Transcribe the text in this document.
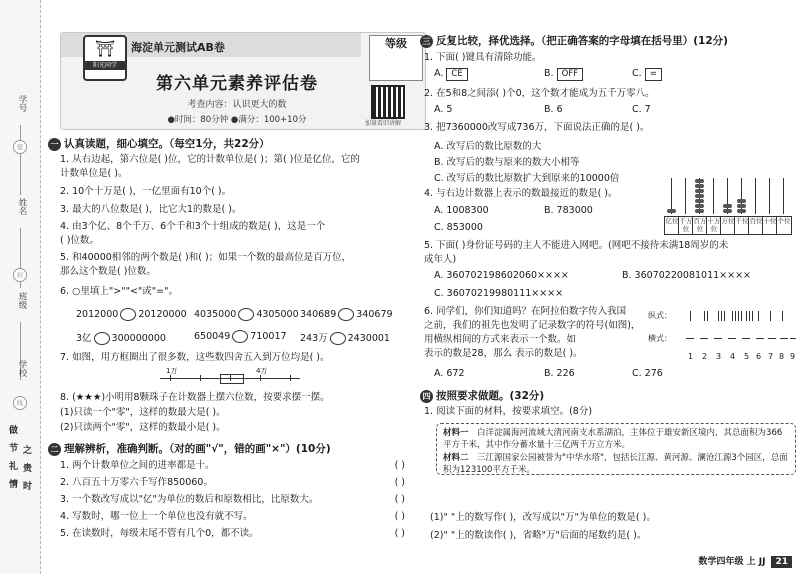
学号
姓名
密
封
班级
学校
线
做
节
礼
情
之
贵
时
⛩
阳光同学
海淀单元测试AB卷	等级
第六单元素养评估卷
考查内容：认识更大的数
●时间：80分钟 ●满分：100+10分	加量看旧讲解
一 认真读题，细心填空。（每空1分，共22分）
1. 从右边起，第六位是( )位，它的计数单位是( )；第( )位是亿位，它的
计数单位是( )。
2. 10个十万是( )，一亿里面有10个( )。
3. 最大的八位数是( )，比它大1的数是( )。
4. 由3个亿、8个千万、6个千和3个十组成的数是( )，这是一个
( )位数。
5. 和40000相邻的两个数是( )和( )；如果一个数的最高位是百万位，
那么这个数是( )位数。
6. ○里填上">""<"或"="。
2012000 20120000 4035000 4305000 340689 340679
3亿 300000000	650049 710017 243万 2430001
7. 如图，用方框圈出了很多数，这些数四舍五入到万位均是( )。
1万	4万
8. (★★★)小明用8颗珠子在计数器上摆六位数，按要求摆一摆。
(1)只读一个"零"，这样的数最大是( )。
(2)只读两个"零"，这样的数最小是( )。
二 理解辨析，准确判断。（对的画"√"，错的画"×"）(10分)
1. 两个计数单位之间的进率都是十。	( )
2. 八百五十万零六千写作850060。	( )
3. 一个数改写成以"亿"为单位的数后和原数相比，比原数大。	( )
4. 写数时，哪一位上一个单位也没有就不写。	( )
5. 在读数时，每级末尾不管有几个0，都不读。	( )
三 反复比较，择优选择。（把正确答案的字母填在括号里）(12分)
1. 下面( )键具有清除功能。
A. CE	B. OFF	C. =
2. 在5和8之间添( )个0，这个数才能成为五千万零八。
A. 5	B. 6	C. 7
3. 把7360000改写成736万，下面说法正确的是( )。
A. 改写后的数比原数的大
B. 改写后的数与原来的数大小相等
C. 改写后的数比原数扩大到原来的10000倍
4. 与右边计数器上表示的数最接近的数是( )。
A. 1008300	B. 783000
C. 853000
亿位 千万位
百万位
十万位
万位 千位 百位 十位 个位
5. 下面( )身份证号码的主人不能进入网吧。(网吧不接待未满18周岁的未
成年人)
A. 360702198602060××××	B. 36070220081011××××
C. 36070219980111××××
6. 同学们，你们知道吗？在阿拉伯数字传入我国
之前，我们的祖先也发明了记录数字的符号(如图)，
用横纵相间的方式来表示一个数。如
表示的数是28，那么 表示的数是( )。
A. 672	B. 226	C. 276
纵式：
横式：
1 2 3 4 5 6 7 8 9
四 按照要求做题。(32分)
1. 阅读下面的材料，按要求填空。(8分)

材料一　 白洋淀属海河流域大清河南支水系湖泊，主体位于雄安新区境内，其总面积为366平方千米，其中作分蓄水量十三亿两千万立方米。

材料二　 三江源国家公园被誉为"中华水塔"，包括长江源、黄河源、澜沧江源3个园区，总面积为123100平方千米。

(1)" "上的数写作( )，改写成以"万"为单位的数是( )。
(2)" "上的数读作( )，省略"万"后面的尾数约是( )。
数学四年级 上 JJ 21
